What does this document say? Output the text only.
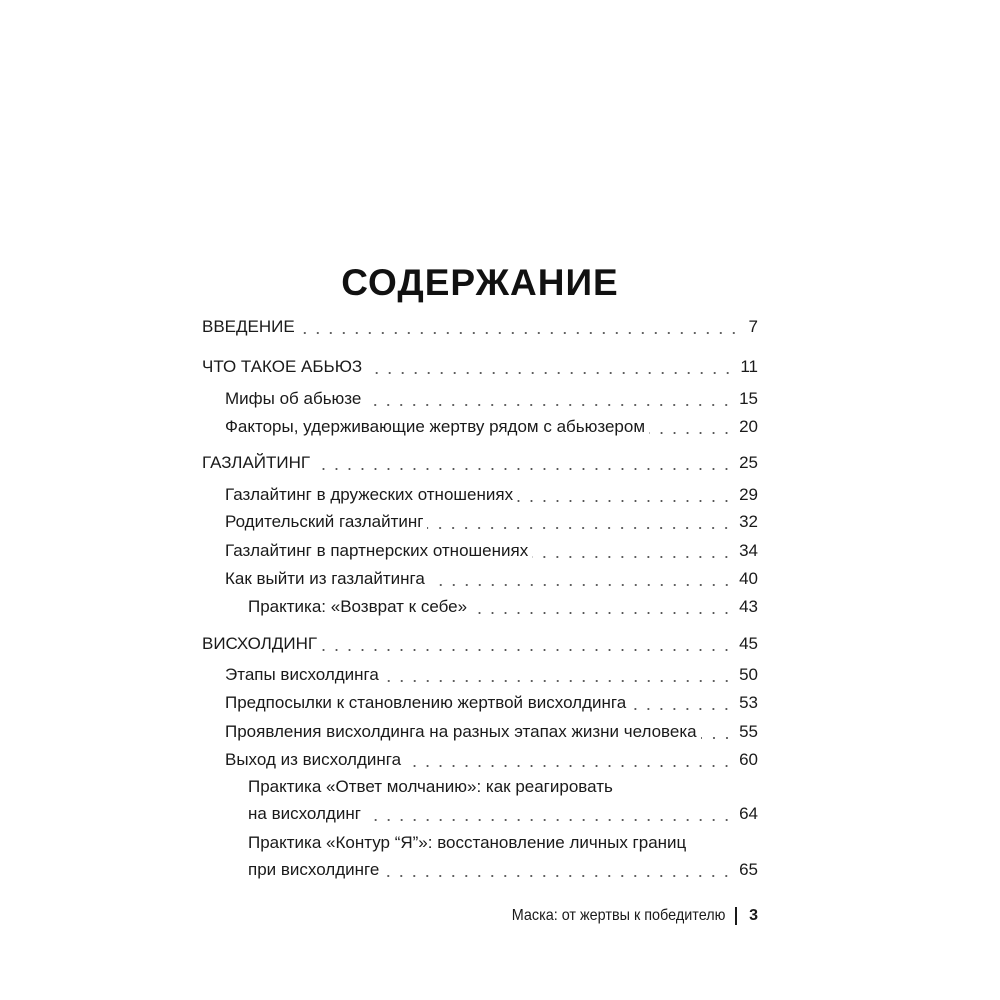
СОДЕРЖАНИЕ
ВВЕДЕНИЕ	7
ЧТО ТАКОЕ АБЬЮЗ	11
Мифы об абьюзе	15
Факторы, удерживающие жертву рядом с абьюзером	20
ГАЗЛАЙТИНГ	25
Газлайтинг в дружеских отношениях	29
Родительский газлайтинг	32
Газлайтинг в партнерских отношениях	34
Как выйти из газлайтинга	40
Практика: «Возврат к себе»	43
ВИСХОЛДИНГ	45
Этапы висхолдинга	50
Предпосылки к становлению жертвой висхолдинга	53
Проявления висхолдинга на разных этапах жизни человека 55
Выход из висхолдинга	60
Практика «Ответ молчанию»: как реагировать
на висхолдинг	64
Практика «Контур “Я”»: восстановление личных границ
при висхолдинге	65
Маска: от жертвы к победителю 3
